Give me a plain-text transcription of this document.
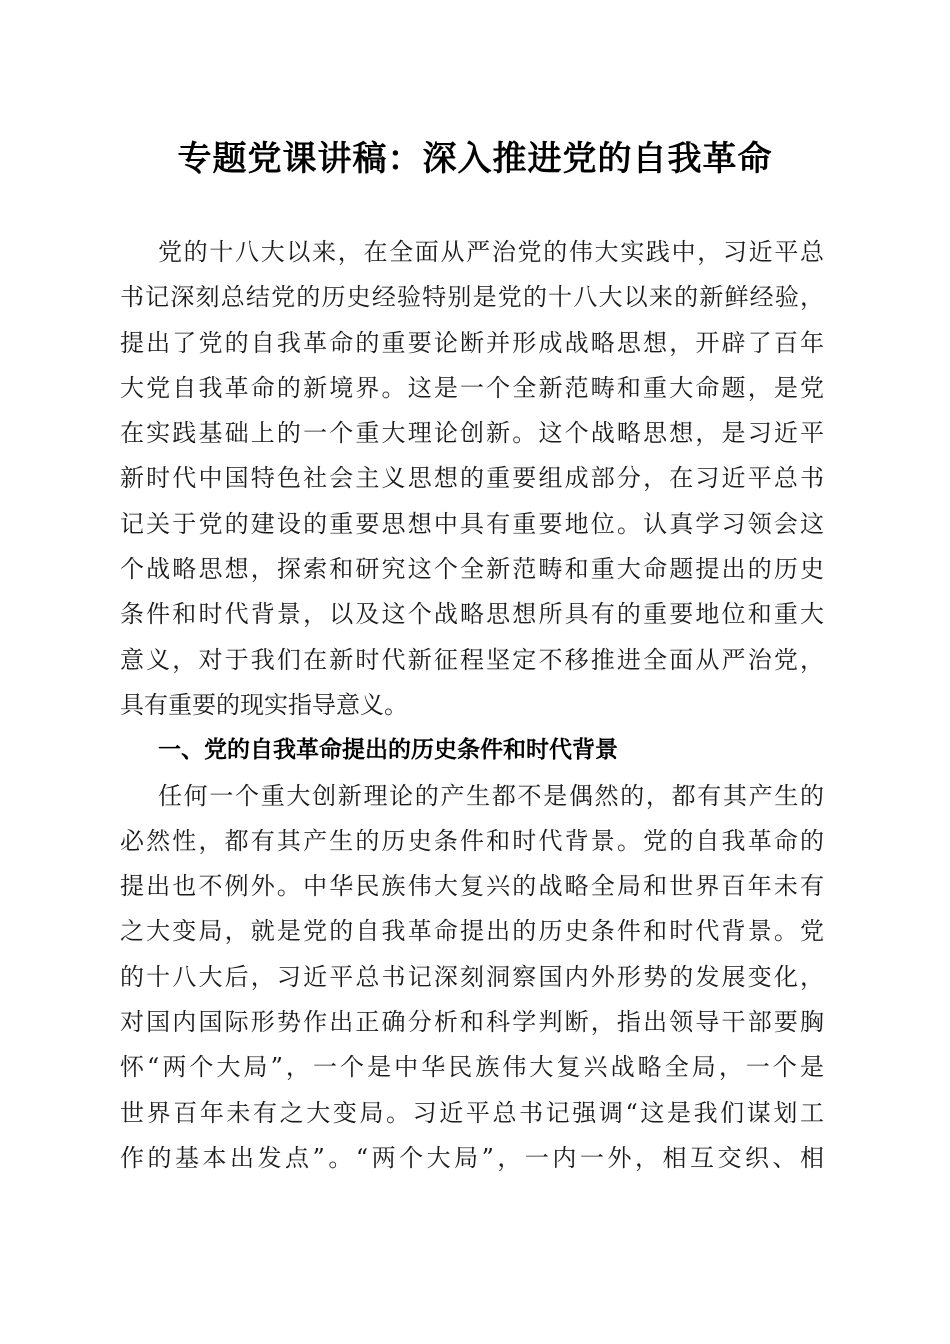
专题党课讲稿：深入推进党的自我革命
党的十八大以来，在全面从严治党的伟大实践中，习近平总
书记深刻总结党的历史经验特别是党的十八大以来的新鲜经验，
提出了党的自我革命的重要论断并形成战略思想，开辟了百年
大党自我革命的新境界。这是一个全新范畴和重大命题，是党
在实践基础上的一个重大理论创新。这个战略思想，是习近平
新时代中国特色社会主义思想的重要组成部分，在习近平总书
记关于党的建设的重要思想中具有重要地位。认真学习领会这
个战略思想，探索和研究这个全新范畴和重大命题提出的历史
条件和时代背景，以及这个战略思想所具有的重要地位和重大
意义，对于我们在新时代新征程坚定不移推进全面从严治党，
具有重要的现实指导意义。
一、党的自我革命提出的历史条件和时代背景
任何一个重大创新理论的产生都不是偶然的，都有其产生的
必然性，都有其产生的历史条件和时代背景。党的自我革命的
提出也不例外。中华民族伟大复兴的战略全局和世界百年未有
之大变局，就是党的自我革命提出的历史条件和时代背景。党
的十八大后，习近平总书记深刻洞察国内外形势的发展变化，
对国内国际形势作出正确分析和科学判断，指出领导干部要胸
怀“两个大局”，一个是中华民族伟大复兴战略全局，一个是
世界百年未有之大变局。习近平总书记强调“这是我们谋划工
作的基本出发点”。“两个大局”，一内一外，相互交织、相
